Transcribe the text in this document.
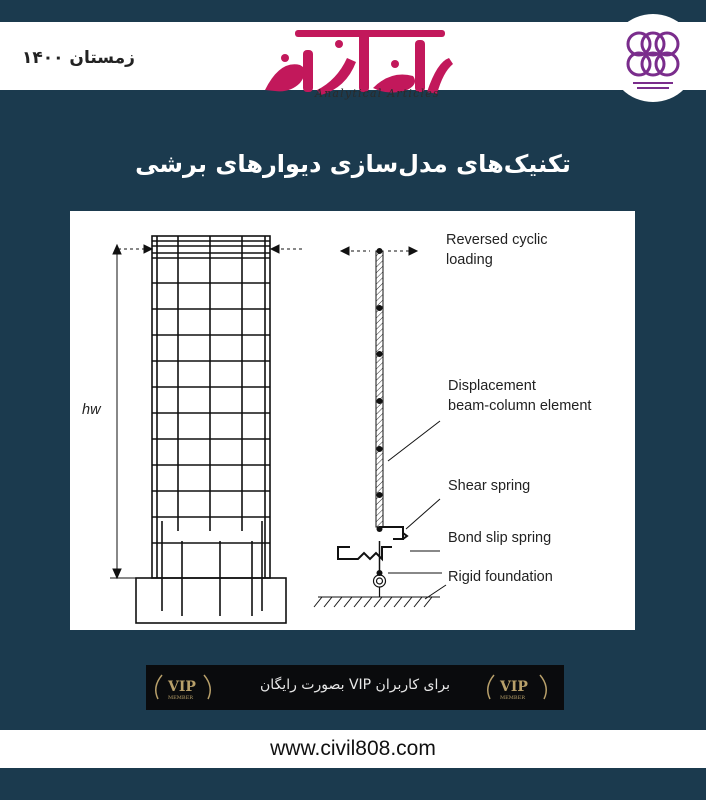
زمستان ۱۴۰۰
Analytical Articles
تکنیک‌های مدل‌سازی دیوارهای برشی
hw
Reversed cyclic
loading
Displacement
beam-column element
Shear spring
Bond slip spring
Rigid foundation
VIP
MEMBER
VIP
MEMBER
برای کاربران VIP بصورت رایگان
www.civil808.com
